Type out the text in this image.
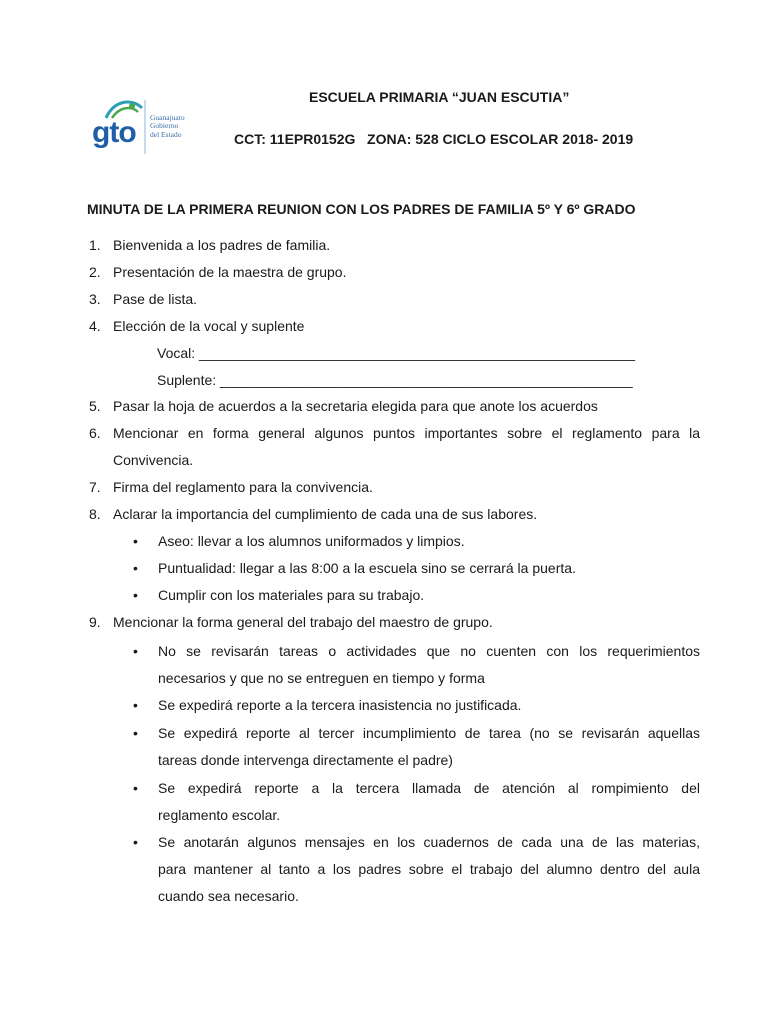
gto Guanajuato
Gobierno
del Estado
ESCUELA PRIMARIA “JUAN ESCUTIA”
CCT: 11EPR0152G   ZONA: 528 CICLO ESCOLAR 2018- 2019
MINUTA DE LA PRIMERA REUNION CON LOS PADRES DE FAMILIA 5º Y 6º GRADO
1. Bienvenida a los padres de familia.
2. Presentación de la maestra de grupo.
3. Pase de lista.
4. Elección de la vocal y suplente
Vocal: ________________________________________________________
Suplente: _____________________________________________________
5. Pasar la hoja de acuerdos a la secretaria elegida para que anote los acuerdos
6. Mencionar en forma general algunos puntos importantes sobre el reglamento para la
Convivencia.
7. Firma del reglamento para la convivencia.
8. Aclarar la importancia del cumplimiento de cada una de sus labores.
• Aseo: llevar a los alumnos uniformados y limpios.
• Puntualidad: llegar a las 8:00 a la escuela sino se cerrará la puerta.
• Cumplir con los materiales para su trabajo.
9. Mencionar la forma general del trabajo del maestro de grupo.
• No se revisarán tareas o actividades que no cuenten con los requerimientos
necesarios y que no se entreguen en tiempo y forma
• Se expedirá reporte a la tercera inasistencia no justificada.
• Se expedirá reporte al tercer incumplimiento de tarea (no se revisarán aquellas
tareas donde intervenga directamente el padre)
• Se expedirá reporte a la tercera llamada de atención al rompimiento del
reglamento escolar.
• Se anotarán algunos mensajes en los cuadernos de cada una de las materias,
para mantener al tanto a los padres sobre el trabajo del alumno dentro del aula
cuando sea necesario.
